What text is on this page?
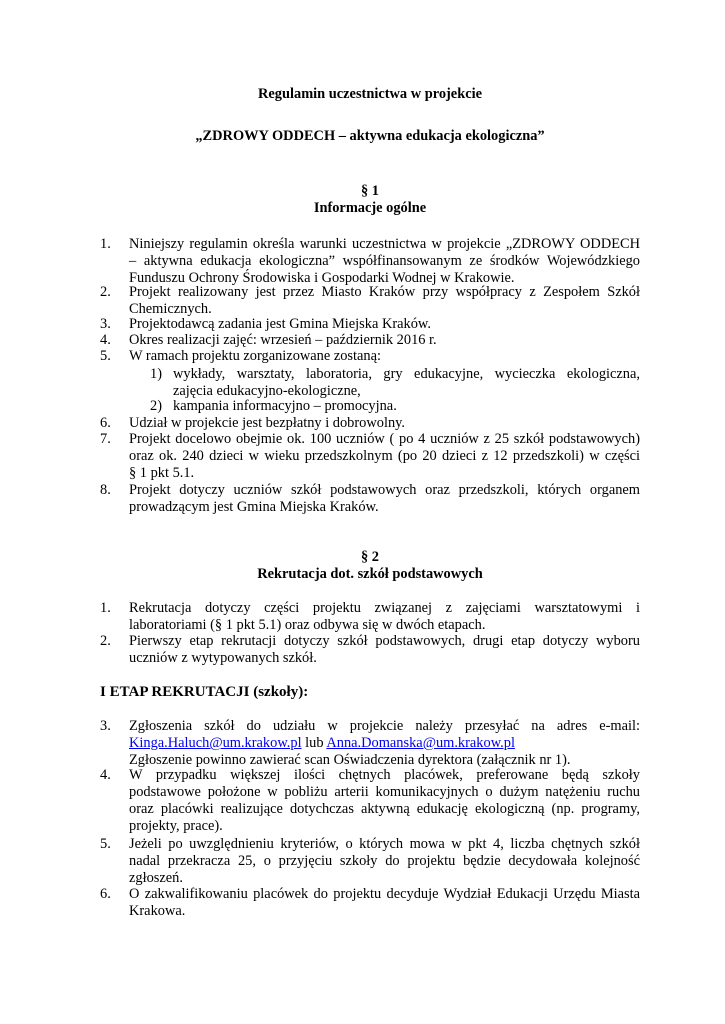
Regulamin uczestnictwa w projekcie
„ZDROWY ODDECH – aktywna edukacja ekologiczna”
§ 1
Informacje ogólne
1. Niniejszy regulamin określa warunki uczestnictwa w projekcie „ZDROWY ODDECH
– aktywna edukacja ekologiczna” współfinansowanym ze środków Wojewódzkiego
Funduszu Ochrony Środowiska i Gospodarki Wodnej w Krakowie.
2. Projekt realizowany jest przez Miasto Kraków przy współpracy z Zespołem Szkół
Chemicznych.
3. Projektodawcą zadania jest Gmina Miejska Kraków.
4. Okres realizacji zajęć: wrzesień – październik 2016 r.
5. W ramach projektu zorganizowane zostaną:
1) wykłady, warsztaty, laboratoria, gry edukacyjne, wycieczka ekologiczna,
zajęcia edukacyjno-ekologiczne,
2) kampania informacyjno – promocyjna.
6. Udział w projekcie jest bezpłatny i dobrowolny.
7. Projekt docelowo obejmie ok. 100 uczniów ( po 4 uczniów z 25 szkół podstawowych)
oraz ok. 240 dzieci w wieku przedszkolnym (po 20 dzieci z 12 przedszkoli) w części
§ 1 pkt 5.1.
8. Projekt dotyczy uczniów szkół podstawowych oraz przedszkoli, których organem
prowadzącym jest Gmina Miejska Kraków.
§ 2
Rekrutacja dot. szkół podstawowych
1. Rekrutacja dotyczy części projektu związanej z zajęciami warsztatowymi i
laboratoriami (§ 1 pkt 5.1) oraz odbywa się w dwóch etapach.
2. Pierwszy etap rekrutacji dotyczy szkół podstawowych, drugi etap dotyczy wyboru
uczniów z wytypowanych szkół.
I ETAP REKRUTACJI (szkoły):
3. Zgłoszenia szkół do udziału w projekcie należy przesyłać na adres e-mail:
Kinga.Haluch@um.krakow.pl lub Anna.Domanska@um.krakow.pl
Zgłoszenie powinno zawierać scan Oświadczenia dyrektora (załącznik nr 1).
4. W przypadku większej ilości chętnych placówek, preferowane będą szkoły
podstawowe położone w pobliżu arterii komunikacyjnych o dużym natężeniu ruchu
oraz placówki realizujące dotychczas aktywną edukację ekologiczną (np. programy,
projekty, prace).
5. Jeżeli po uwzględnieniu kryteriów, o których mowa w pkt 4, liczba chętnych szkół
nadal przekracza 25, o przyjęciu szkoły do projektu będzie decydowała kolejność
zgłoszeń.
6. O zakwalifikowaniu placówek do projektu decyduje Wydział Edukacji Urzędu Miasta
Krakowa.
